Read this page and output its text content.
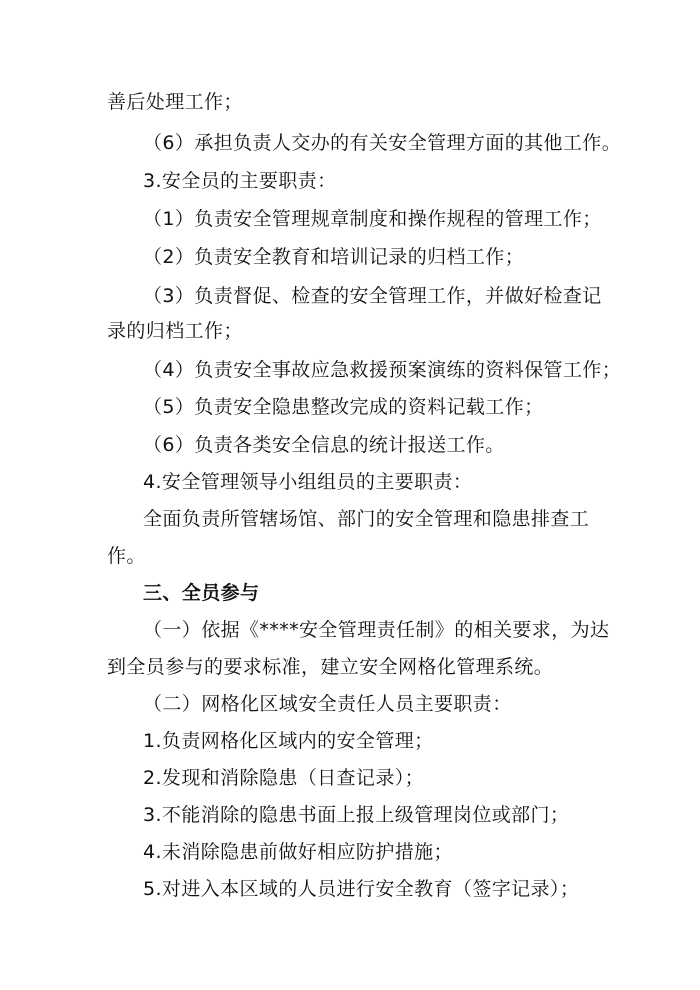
善后处理工作；
（6）承担负责人交办的有关安全管理方面的其他工作。
3.安全员的主要职责：
（1）负责安全管理规章制度和操作规程的管理工作；
（2）负责安全教育和培训记录的归档工作；
（3）负责督促、检查的安全管理工作，并做好检查记
录的归档工作；
（4）负责安全事故应急救援预案演练的资料保管工作；
（5）负责安全隐患整改完成的资料记载工作；
（6）负责各类安全信息的统计报送工作。
4.安全管理领导小组组员的主要职责：
全面负责所管辖场馆、部门的安全管理和隐患排查工
作。
三、全员参与
（一）依据《****安全管理责任制》的相关要求，为达
到全员参与的要求标准，建立安全网格化管理系统。
（二）网格化区域安全责任人员主要职责：
1.负责网格化区域内的安全管理；
2.发现和消除隐患（日查记录）；
3.不能消除的隐患书面上报上级管理岗位或部门；
4.未消除隐患前做好相应防护措施；
5.对进入本区域的人员进行安全教育（签字记录）；
